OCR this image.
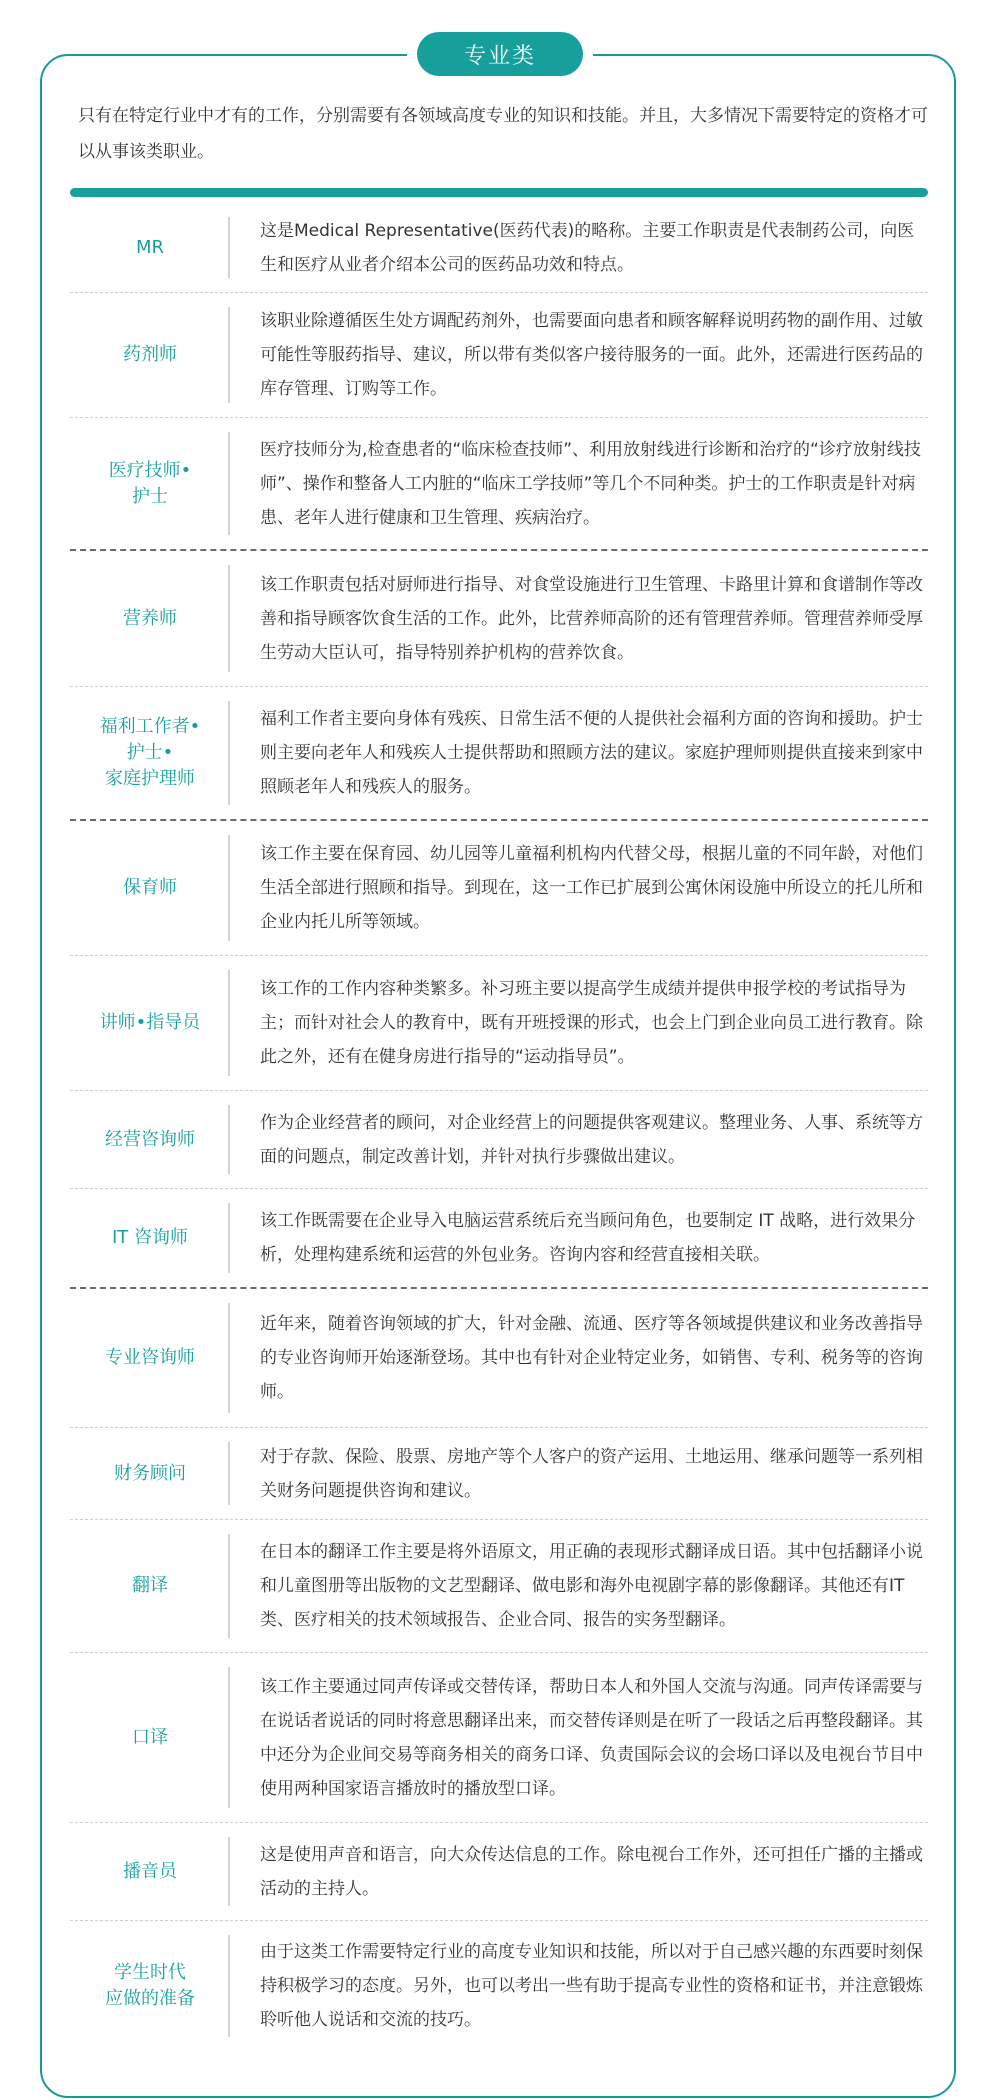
专业类
只有在特定行业中才有的工作，分别需要有各领域高度专业的知识和技能。并且，大多情况下需要特定的资格才可以从事该类职业。
MR
这是Medical Representative(医药代表)的略称。主要工作职责是代表制药公司，向医生和医疗从业者介绍本公司的医药品功效和特点。
药剂师
该职业除遵循医生处方调配药剂外，也需要面向患者和顾客解释说明药物的副作用、过敏可能性等服药指导、建议，所以带有类似客户接待服务的一面。此外，还需进行医药品的库存管理、订购等工作。
医疗技师•
护士
医疗技师分为,检查患者的“临床检查技师”、利用放射线进行诊断和治疗的“诊疗放射线技师”、操作和整备人工内脏的“临床工学技师”等几个不同种类。护士的工作职责是针对病患、老年人进行健康和卫生管理、疾病治疗。
营养师
该工作职责包括对厨师进行指导、对食堂设施进行卫生管理、卡路里计算和食谱制作等改善和指导顾客饮食生活的工作。此外，比营养师高阶的还有管理营养师。管理营养师受厚生劳动大臣认可，指导特别养护机构的营养饮食。
福利工作者•
护士•
家庭护理师
福利工作者主要向身体有残疾、日常生活不便的人提供社会福利方面的咨询和援助。护士则主要向老年人和残疾人士提供帮助和照顾方法的建议。家庭护理师则提供直接来到家中照顾老年人和残疾人的服务。
保育师
该工作主要在保育园、幼儿园等儿童福利机构内代替父母，根据儿童的不同年龄，对他们生活全部进行照顾和指导。到现在，这一工作已扩展到公寓休闲设施中所设立的托儿所和企业内托儿所等领域。
讲师•指导员
该工作的工作内容种类繁多。补习班主要以提高学生成绩并提供申报学校的考试指导为主；而针对社会人的教育中，既有开班授课的形式，也会上门到企业向员工进行教育。除此之外，还有在健身房进行指导的“运动指导员”。
经营咨询师
作为企业经营者的顾问，对企业经营上的问题提供客观建议。整理业务、人事、系统等方面的问题点，制定改善计划，并针对执行步骤做出建议。
IT 咨询师
该工作既需要在企业导入电脑运营系统后充当顾问角色，也要制定 IT 战略，进行效果分析，处理构建系统和运营的外包业务。咨询内容和经营直接相关联。
专业咨询师
近年来，随着咨询领域的扩大，针对金融、流通、医疗等各领域提供建议和业务改善指导的专业咨询师开始逐渐登场。其中也有针对企业特定业务，如销售、专利、税务等的咨询师。
财务顾问
对于存款、保险、股票、房地产等个人客户的资产运用、土地运用、继承问题等一系列相关财务问题提供咨询和建议。
翻译
在日本的翻译工作主要是将外语原文，用正确的表现形式翻译成日语。其中包括翻译小说和儿童图册等出版物的文艺型翻译、做电影和海外电视剧字幕的影像翻译。其他还有IT类、医疗相关的技术领域报告、企业合同、报告的实务型翻译。
口译
该工作主要通过同声传译或交替传译，帮助日本人和外国人交流与沟通。同声传译需要与在说话者说话的同时将意思翻译出来，而交替传译则是在听了一段话之后再整段翻译。其中还分为企业间交易等商务相关的商务口译、负责国际会议的会场口译以及电视台节目中使用两种国家语言播放时的播放型口译。
播音员
这是使用声音和语言，向大众传达信息的工作。除电视台工作外，还可担任广播的主播或活动的主持人。
学生时代
应做的准备
由于这类工作需要特定行业的高度专业知识和技能，所以对于自己感兴趣的东西要时刻保持积极学习的态度。另外，也可以考出一些有助于提高专业性的资格和证书，并注意锻炼聆听他人说话和交流的技巧。
